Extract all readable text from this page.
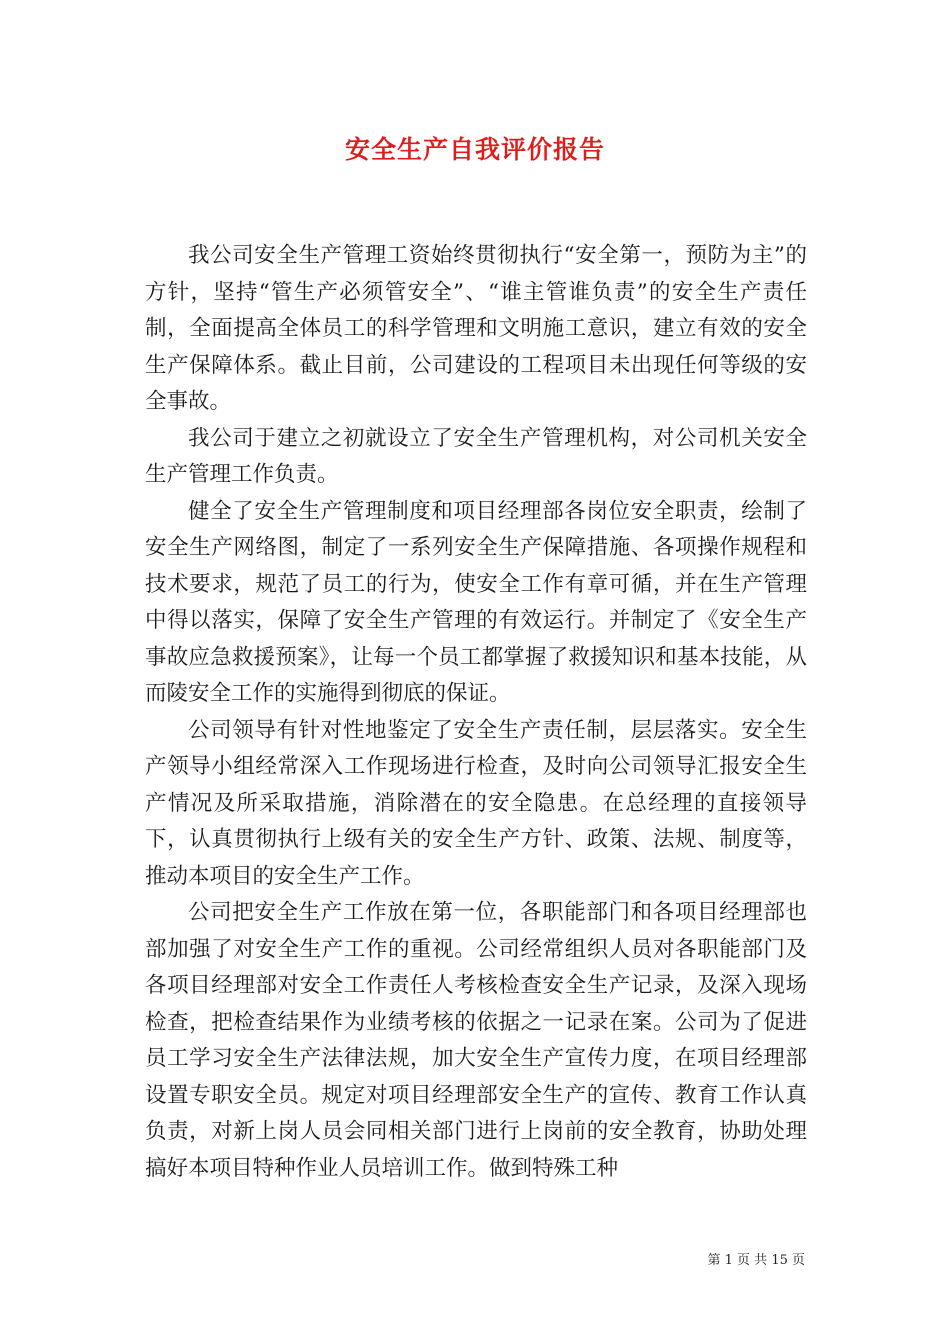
安全生产自我评价报告

我公司安全生产管理工资始终贯彻执行“安全第一，预防为主”的方针，坚持“管生产必须管安全”、“谁主管谁负责”的安全生产责任制，全面提高全体员工的科学管理和文明施工意识，建立有效的安全生产保障体系。截止目前，公司建设的工程项目未出现任何等级的安全事故。

我公司于建立之初就设立了安全生产管理机构，对公司机关安全生产管理工作负责。

健全了安全生产管理制度和项目经理部各岗位安全职责，绘制了安全生产网络图，制定了一系列安全生产保障措施、各项操作规程和技术要求，规范了员工的行为，使安全工作有章可循，并在生产管理中得以落实，保障了安全生产管理的有效运行。并制定了《安全生产事故应急救援预案》，让每一个员工都掌握了救援知识和基本技能，从而陵安全工作的实施得到彻底的保证。

公司领导有针对性地鉴定了安全生产责任制，层层落实。安全生产领导小组经常深入工作现场进行检查，及时向公司领导汇报安全生产情况及所采取措施，消除潜在的安全隐患。在总经理的直接领导下，认真贯彻执行上级有关的安全生产方针、政策、法规、制度等，推动本项目的安全生产工作。

公司把安全生产工作放在第一位，各职能部门和各项目经理部也部加强了对安全生产工作的重视。公司经常组织人员对各职能部门及各项目经理部对安全工作责任人考核检查安全生产记录，及深入现场检查，把检查结果作为业绩考核的依据之一记录在案。公司为了促进员工学习安全生产法律法规，加大安全生产宣传力度，在项目经理部设置专职安全员。规定对项目经理部安全生产的宣传、教育工作认真负责，对新上岗人员会同相关部门进行上岗前的安全教育，协助处理搞好本项目特种作业人员培训工作。做到特殊工种

第 1 页 共 15 页
